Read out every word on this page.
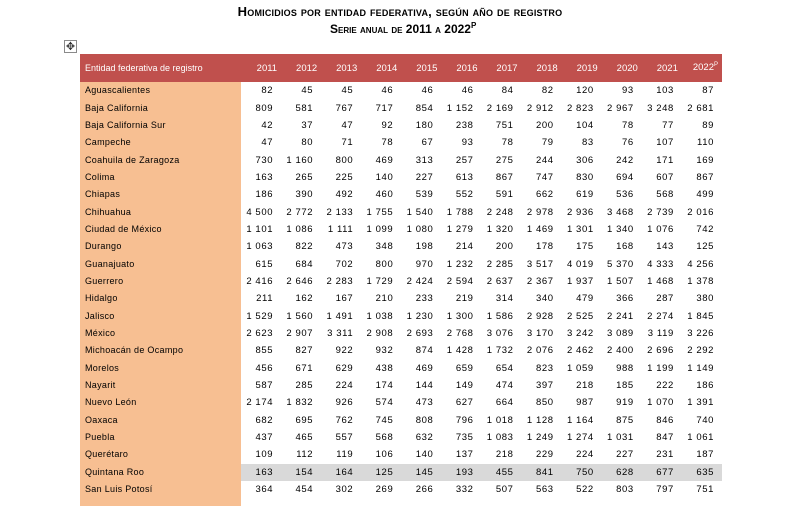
Homicidios por entidad federativa, según año de registro
Serie anual de 2011 a $2022^P$
✥
Entidad federativa de registro	2011	2012	2013	2014	2015	2016	2017	2018	2019	2020	2021	$2022^P$
Aguascalientes	82	45	45	46	46	46	84	82	120	93	103	87
Baja California	809	581	767	717	854	1 152	2 169	2 912	2 823	2 967	3 248	2 681
Baja California Sur	42	37	47	92	180	238	751	200	104	78	77	89
Campeche	47	80	71	78	67	93	78	79	83	76	107	110
Coahuila de Zaragoza	730	1 160	800	469	313	257	275	244	306	242	171	169
Colima	163	265	225	140	227	613	867	747	830	694	607	867
Chiapas	186	390	492	460	539	552	591	662	619	536	568	499
Chihuahua	4 500	2 772	2 133	1 755	1 540	1 788	2 248	2 978	2 936	3 468	2 739	2 016
Ciudad de México	1 101	1 086	1 111	1 099	1 080	1 279	1 320	1 469	1 301	1 340	1 076	742
Durango	1 063	822	473	348	198	214	200	178	175	168	143	125
Guanajuato	615	684	702	800	970	1 232	2 285	3 517	4 019	5 370	4 333	4 256
Guerrero	2 416	2 646	2 283	1 729	2 424	2 594	2 637	2 367	1 937	1 507	1 468	1 378
Hidalgo	211	162	167	210	233	219	314	340	479	366	287	380
Jalisco	1 529	1 560	1 491	1 038	1 230	1 300	1 586	2 928	2 525	2 241	2 274	1 845
México	2 623	2 907	3 311	2 908	2 693	2 768	3 076	3 170	3 242	3 089	3 119	3 226
Michoacán de Ocampo	855	827	922	932	874	1 428	1 732	2 076	2 462	2 400	2 696	2 292
Morelos	456	671	629	438	469	659	654	823	1 059	988	1 199	1 149
Nayarit	587	285	224	174	144	149	474	397	218	185	222	186
Nuevo León	2 174	1 832	926	574	473	627	664	850	987	919	1 070	1 391
Oaxaca	682	695	762	745	808	796	1 018	1 128	1 164	875	846	740
Puebla	437	465	557	568	632	735	1 083	1 249	1 274	1 031	847	1 061
Querétaro	109	112	119	106	140	137	218	229	224	227	231	187
Quintana Roo	163	154	164	125	145	193	455	841	750	628	677	635
San Luis Potosí	364	454	302	269	266	332	507	563	522	803	797	751
